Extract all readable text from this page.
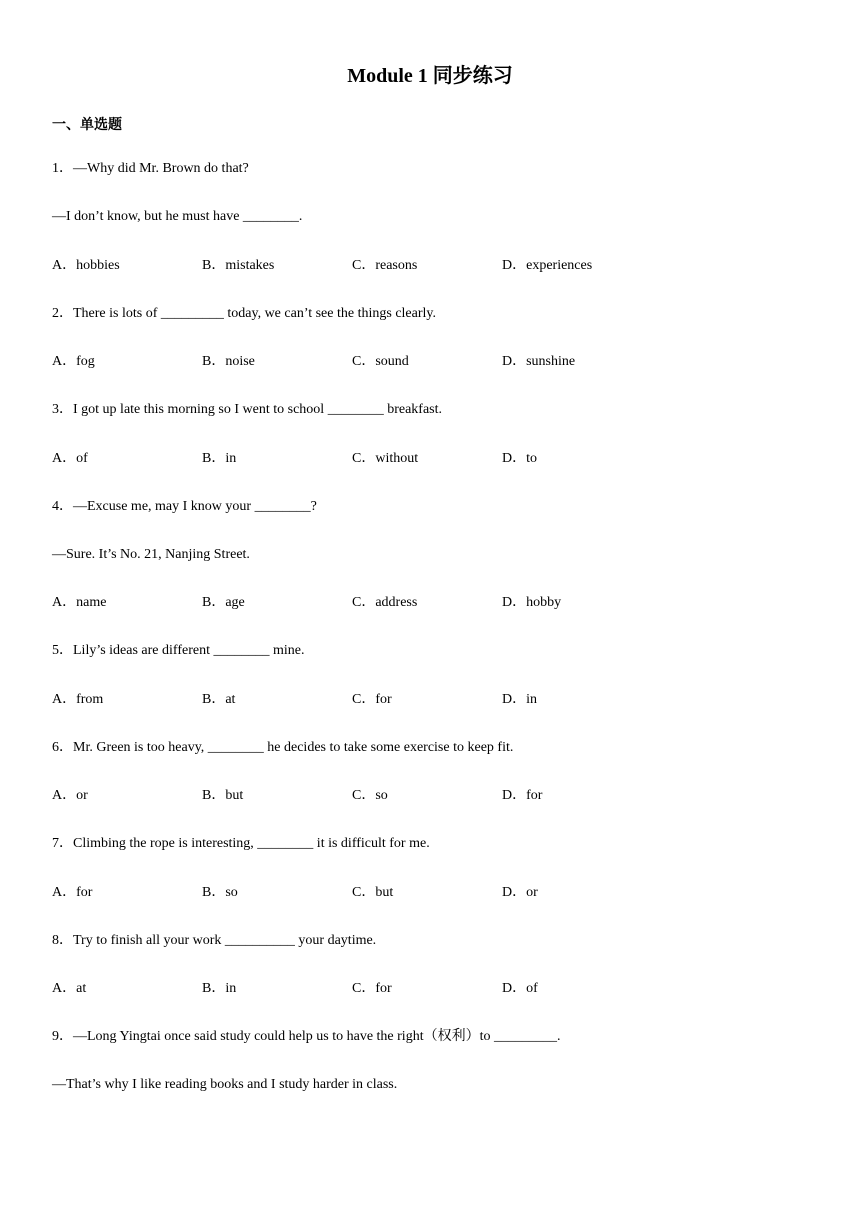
Module 1 同步练习
一、单选题
1．—Why did Mr. Brown do that?
—I don’t know, but he must have ________.
A．hobbies	B．mistakes	C．reasons	D．experiences
2．There is lots of _________ today, we can’t see the things clearly.
A．fog	B．noise	C．sound	D．sunshine
3．I got up late this morning so I went to school ________ breakfast.
A．of	B．in	C．without	D．to
4．—Excuse me, may I know your ________?
—Sure. It’s No. 21, Nanjing Street.
A．name	B．age	C．address	D．hobby
5．Lily’s ideas are different ________ mine.
A．from	B．at	C．for	D．in
6．Mr. Green is too heavy, ________ he decides to take some exercise to keep fit.
A．or	B．but	C．so	D．for
7．Climbing the rope is interesting, ________ it is difficult for me.
A．for	B．so	C．but	D．or
8．Try to finish all your work __________ your daytime.
A．at	B．in	C．for	D．of
9．—Long Yingtai once said study could help us to have the right（权利）to _________.
—That’s why I like reading books and I study harder in class.
